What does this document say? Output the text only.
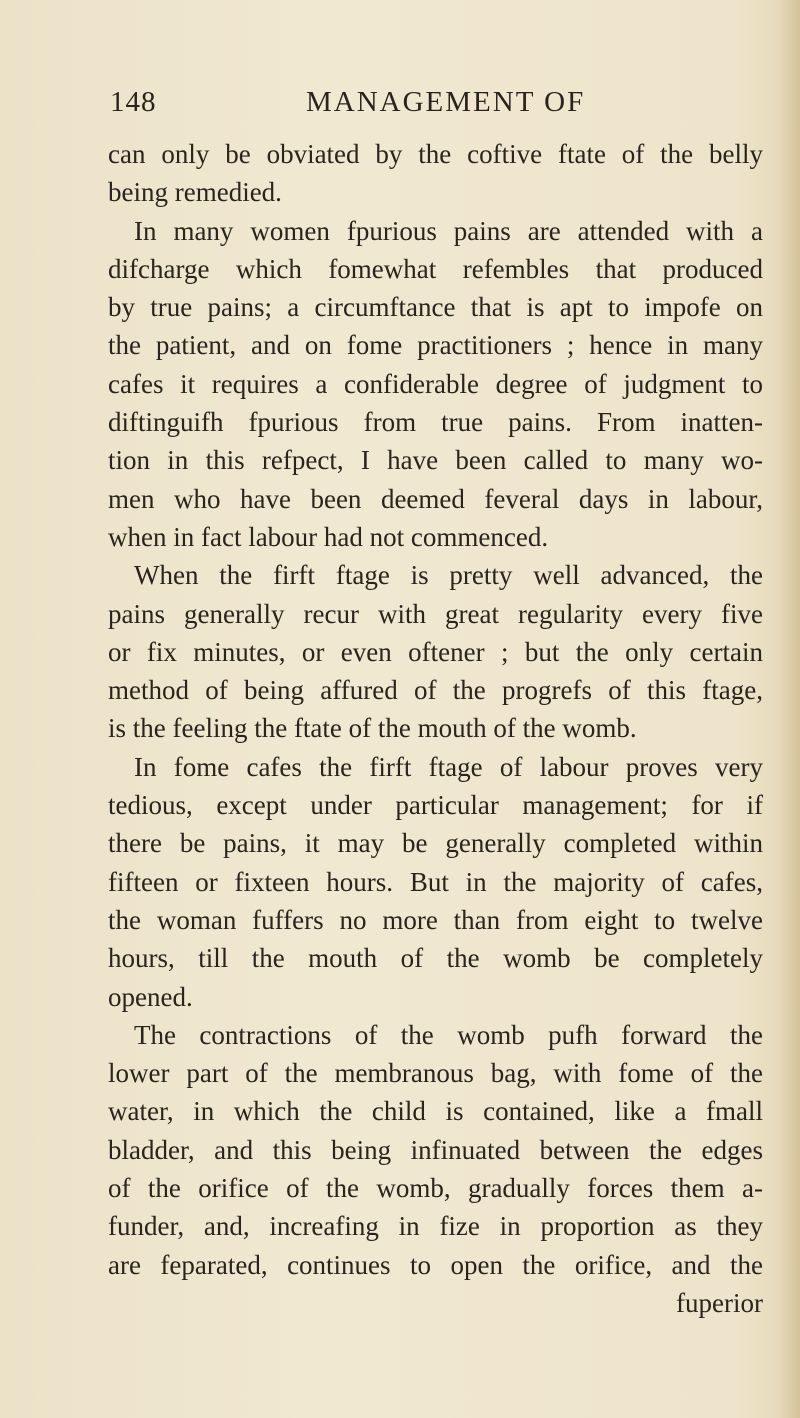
148	MANAGEMENT OF
can only be obviated by the coftive ftate of the belly
being remedied.
In many women fpurious pains are attended with a
difcharge which fomewhat refembles that produced
by true pains; a circumftance that is apt to impofe on
the patient, and on fome practitioners ; hence in many
cafes it requires a confiderable degree of judgment to
diftinguifh fpurious from true pains. From inatten-
tion in this refpect, I have been called to many wo-
men who have been deemed feveral days in labour,
when in fact labour had not commenced.
When the firft ftage is pretty well advanced, the
pains generally recur with great regularity every five
or fix minutes, or even oftener ; but the only certain
method of being affured of the progrefs of this ftage,
is the feeling the ftate of the mouth of the womb.
In fome cafes the firft ftage of labour proves very
tedious, except under particular management; for if
there be pains, it may be generally completed within
fifteen or fixteen hours. But in the majority of cafes,
the woman fuffers no more than from eight to twelve
hours, till the mouth of the womb be completely
opened.
The contractions of the womb pufh forward the
lower part of the membranous bag, with fome of the
water, in which the child is contained, like a fmall
bladder, and this being infinuated between the edges
of the orifice of the womb, gradually forces them a-
funder, and, increafing in fize in proportion as they
are feparated, continues to open the orifice, and the
fuperior
